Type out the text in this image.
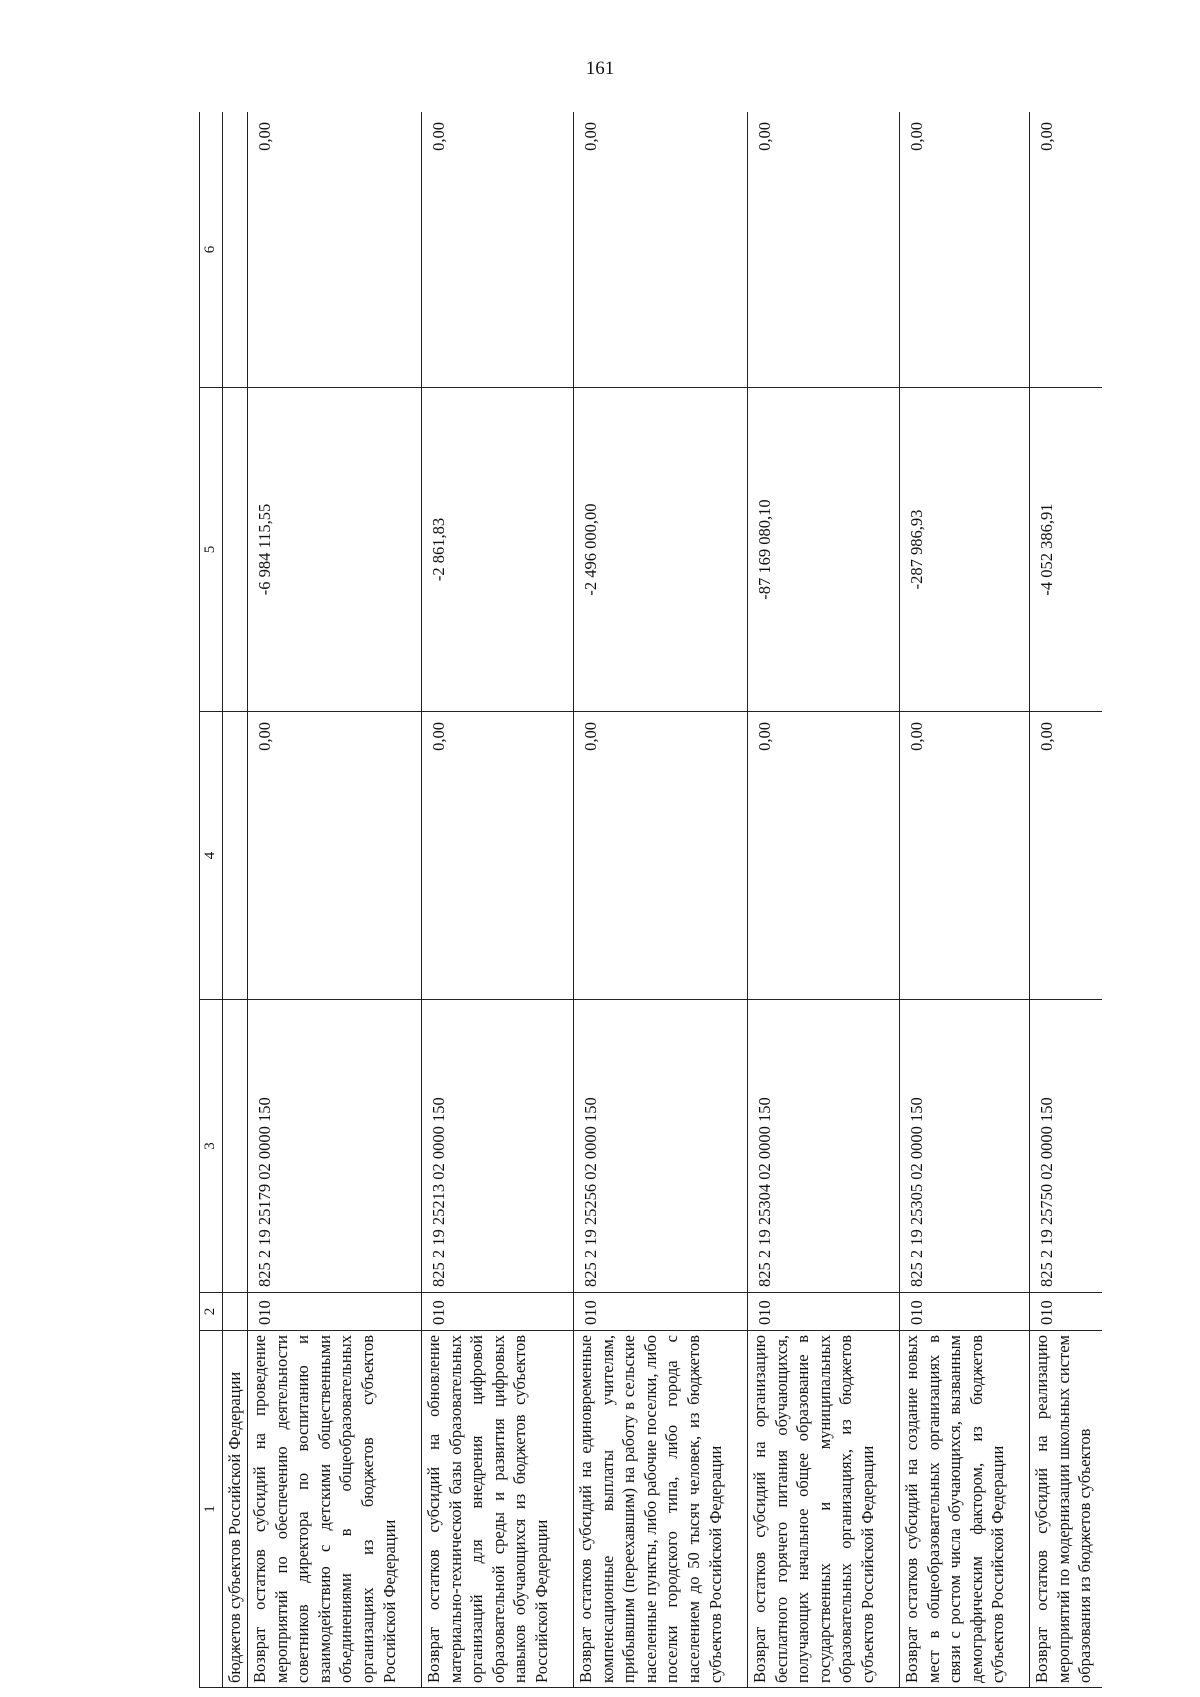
161
1	2	3	4	5	6

бюджетов субъектов Российской Федерации					

Возврат остатков субсидий на проведение мероприятий по обеспечению деятельности советников директора по воспитанию и взаимодействию с детскими общественными объединениями в общеобразовательных организациях из бюджетов субъектов Российской Федерации	010	825 2 19 25179 02 0000 150	0,00	-6 984 115,55	0,00

Возврат остатков субсидий на обновление материально-технической базы образовательных организаций для внедрения цифровой образовательной среды и развития цифровых навыков обучающихся из бюджетов субъектов Российской Федерации	010	825 2 19 25213 02 0000 150	0,00	-2 861,83	0,00

Возврат остатков субсидий на единовременные компенсационные выплаты учителям, прибывшим (переехавшим) на работу в сельские населенные пункты, либо рабочие поселки, либо поселки городского типа, либо города с населением до 50 тысяч человек, из бюджетов субъектов Российской Федерации	010	825 2 19 25256 02 0000 150	0,00	-2 496 000,00	0,00

Возврат остатков субсидий на организацию бесплатного горячего питания обучающихся, получающих начальное общее образование в государственных и муниципальных образовательных организациях, из бюджетов субъектов Российской Федерации	010	825 2 19 25304 02 0000 150	0,00	-87 169 080,10	0,00

Возврат остатков субсидий на создание новых мест в общеобразовательных организациях в связи с ростом числа обучающихся, вызванным демографическим фактором, из бюджетов субъектов Российской Федерации	010	825 2 19 25305 02 0000 150	0,00	-287 986,93	0,00

Возврат остатков субсидий на реализацию мероприятий по модернизации школьных систем образования из бюджетов субъектов	010	825 2 19 25750 02 0000 150	0,00	-4 052 386,91	0,00
